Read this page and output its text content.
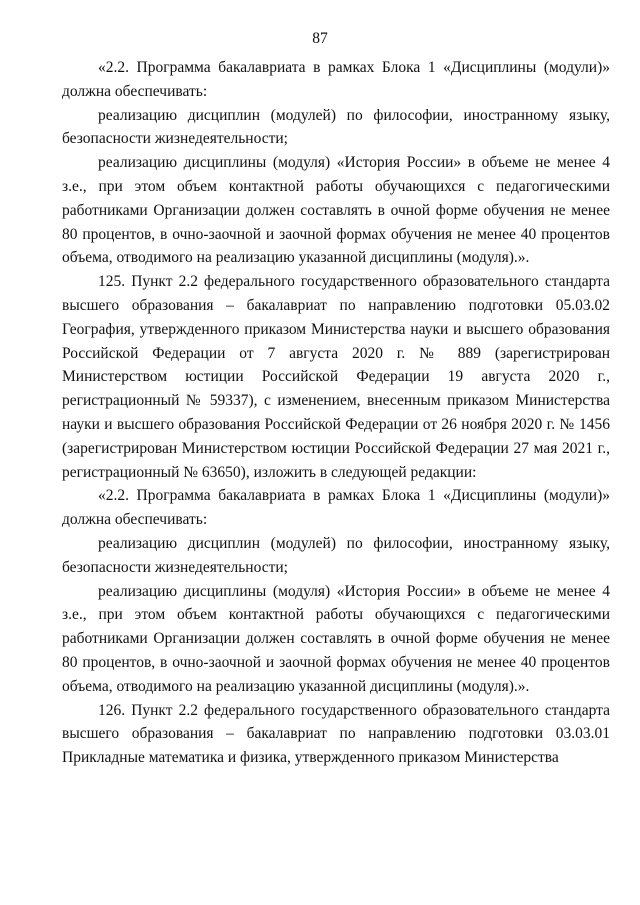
87

«2.2. Программа бакалавриата в рамках Блока 1 «Дисциплины (модули)» должна обеспечивать:

реализацию дисциплин (модулей) по философии, иностранному языку, безопасности жизнедеятельности;

реализацию дисциплины (модуля) «История России» в объеме не менее 4 з.е., при этом объем контактной работы обучающихся с педагогическими работниками Организации должен составлять в очной форме обучения не менее 80 процентов, в очно-заочной и заочной формах обучения не менее 40 процентов объема, отводимого на реализацию указанной дисциплины (модуля).».

125. Пункт 2.2 федерального государственного образовательного стандарта высшего образования – бакалавриат по направлению подготовки 05.03.02 География, утвержденного приказом Министерства науки и высшего образования Российской Федерации от 7 августа 2020 г. № 889 (зарегистрирован Министерством юстиции Российской Федерации 19 августа 2020 г., регистрационный № 59337), с изменением, внесенным приказом Министерства науки и высшего образования Российской Федерации от 26 ноября 2020 г. № 1456 (зарегистрирован Министерством юстиции Российской Федерации 27 мая 2021 г., регистрационный № 63650), изложить в следующей редакции:

«2.2. Программа бакалавриата в рамках Блока 1 «Дисциплины (модули)» должна обеспечивать:

реализацию дисциплин (модулей) по философии, иностранному языку, безопасности жизнедеятельности;

реализацию дисциплины (модуля) «История России» в объеме не менее 4 з.е., при этом объем контактной работы обучающихся с педагогическими работниками Организации должен составлять в очной форме обучения не менее 80 процентов, в очно-заочной и заочной формах обучения не менее 40 процентов объема, отводимого на реализацию указанной дисциплины (модуля).».

126. Пункт 2.2 федерального государственного образовательного стандарта высшего образования – бакалавриат по направлению подготовки 03.03.01 Прикладные математика и физика, утвержденного приказом Министерства
